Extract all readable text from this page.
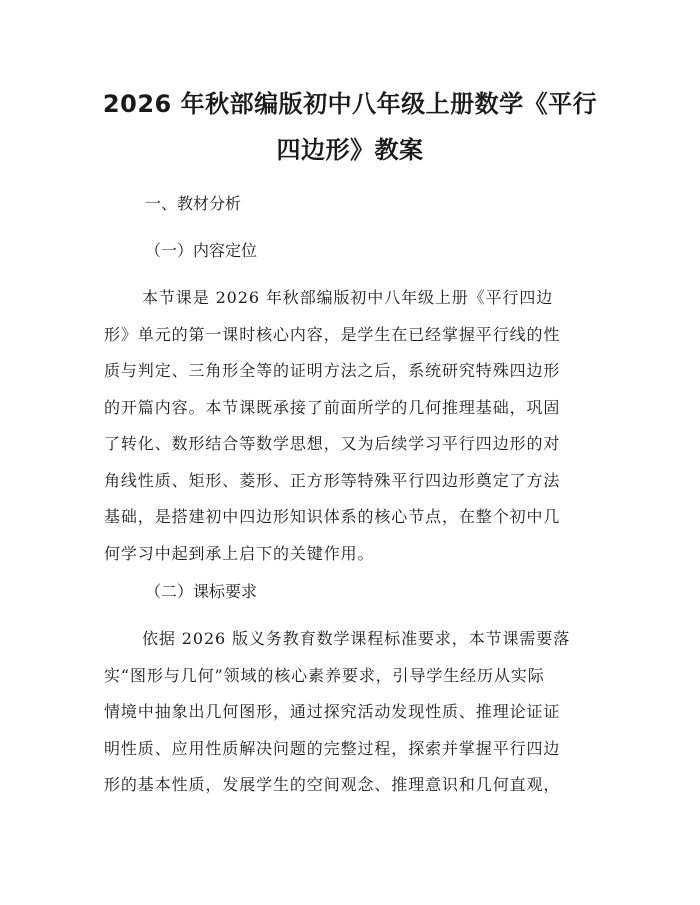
2026 年秋部编版初中八年级上册数学《平行
四边形》教案
一、教材分析
（一）内容定位
本节课是 2026 年秋部编版初中八年级上册《平行四边
形》单元的第一课时核心内容，是学生在已经掌握平行线的性
质与判定、三角形全等的证明方法之后，系统研究特殊四边形
的开篇内容。本节课既承接了前面所学的几何推理基础，巩固
了转化、数形结合等数学思想，又为后续学习平行四边形的对
角线性质、矩形、菱形、正方形等特殊平行四边形奠定了方法
基础，是搭建初中四边形知识体系的核心节点，在整个初中几
何学习中起到承上启下的关键作用。
（二）课标要求
依据 2026 版义务教育数学课程标准要求，本节课需要落
实“图形与几何”领域的核心素养要求，引导学生经历从实际
情境中抽象出几何图形，通过探究活动发现性质、推理论证证
明性质、应用性质解决问题的完整过程，探索并掌握平行四边
形的基本性质，发展学生的空间观念、推理意识和几何直观，
